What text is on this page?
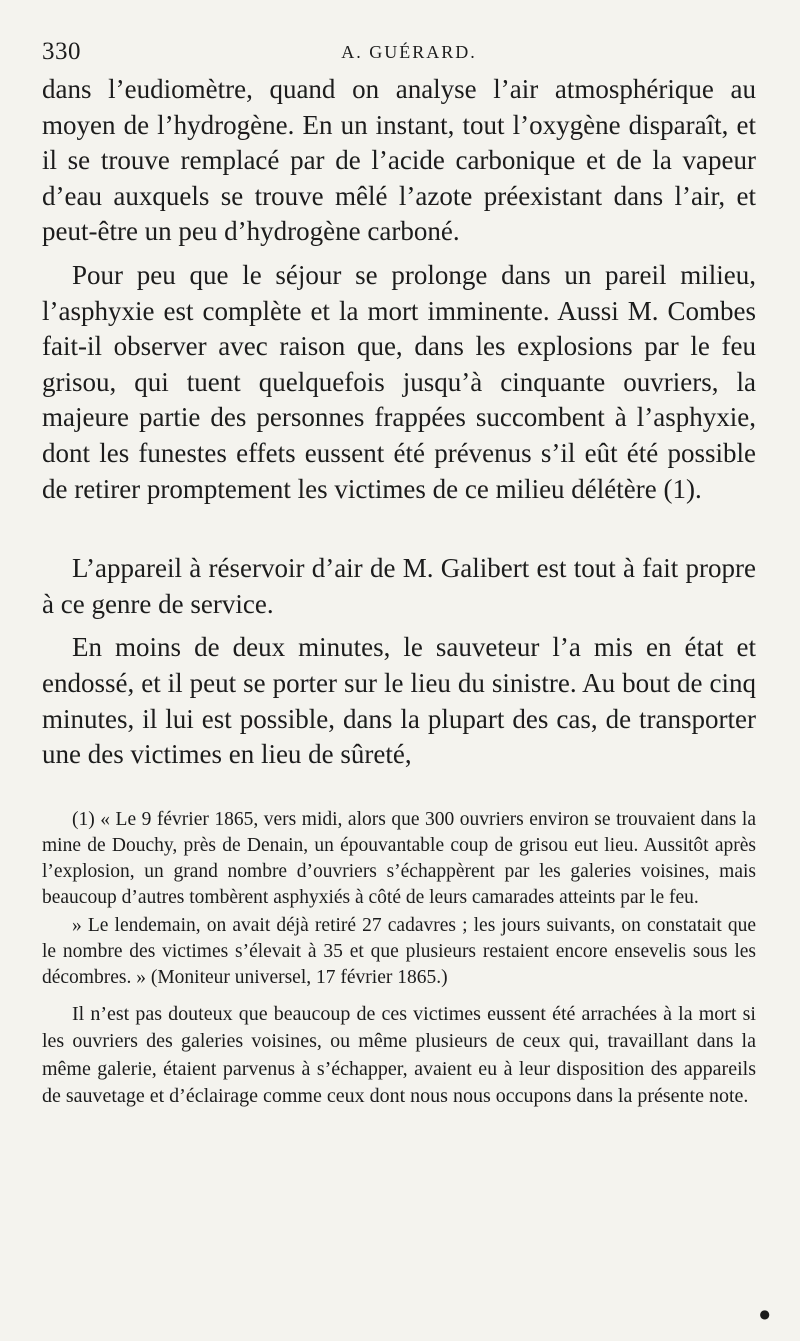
330	A. GUÉRARD.

dans l’eudiomètre, quand on analyse l’air atmosphérique au moyen de l’hydrogène. En un instant, tout l’oxygène disparaît, et il se trouve remplacé par de l’acide carbonique et de la vapeur d’eau auxquels se trouve mêlé l’azote préexistant dans l’air, et peut-être un peu d’hydrogène carboné.

Pour peu que le séjour se prolonge dans un pareil milieu, l’asphyxie est complète et la mort imminente. Aussi M. Combes fait-il observer avec raison que, dans les explosions par le feu grisou, qui tuent quelquefois jusqu’à cinquante ouvriers, la majeure partie des personnes frappées succombent à l’asphyxie, dont les funestes effets eussent été prévenus s’il eût été possible de retirer promptement les victimes de ce milieu délétère (1).

L’appareil à réservoir d’air de M. Galibert est tout à fait propre à ce genre de service.

En moins de deux minutes, le sauveteur l’a mis en état et endossé, et il peut se porter sur le lieu du sinistre. Au bout de cinq minutes, il lui est possible, dans la plupart des cas, de transporter une des victimes en lieu de sûreté,

(1) « Le 9 février 1865, vers midi, alors que 300 ouvriers environ se trouvaient dans la mine de Douchy, près de Denain, un épouvantable coup de grisou eut lieu. Aussitôt après l’explosion, un grand nombre d’ouvriers s’échappèrent par les galeries voisines, mais beaucoup d’autres tombèrent asphyxiés à côté de leurs camarades atteints par le feu.

» Le lendemain, on avait déjà retiré 27 cadavres ; les jours suivants, on constatait que le nombre des victimes s’élevait à 35 et que plusieurs restaient encore ensevelis sous les décombres. » (Moniteur universel, 17 février 1865.)

Il n’est pas douteux que beaucoup de ces victimes eussent été arrachées à la mort si les ouvriers des galeries voisines, ou même plusieurs de ceux qui, travaillant dans la même galerie, étaient parvenus à s’échapper, avaient eu à leur disposition des appareils de sauvetage et d’éclairage comme ceux dont nous nous occupons dans la présente note.

●
